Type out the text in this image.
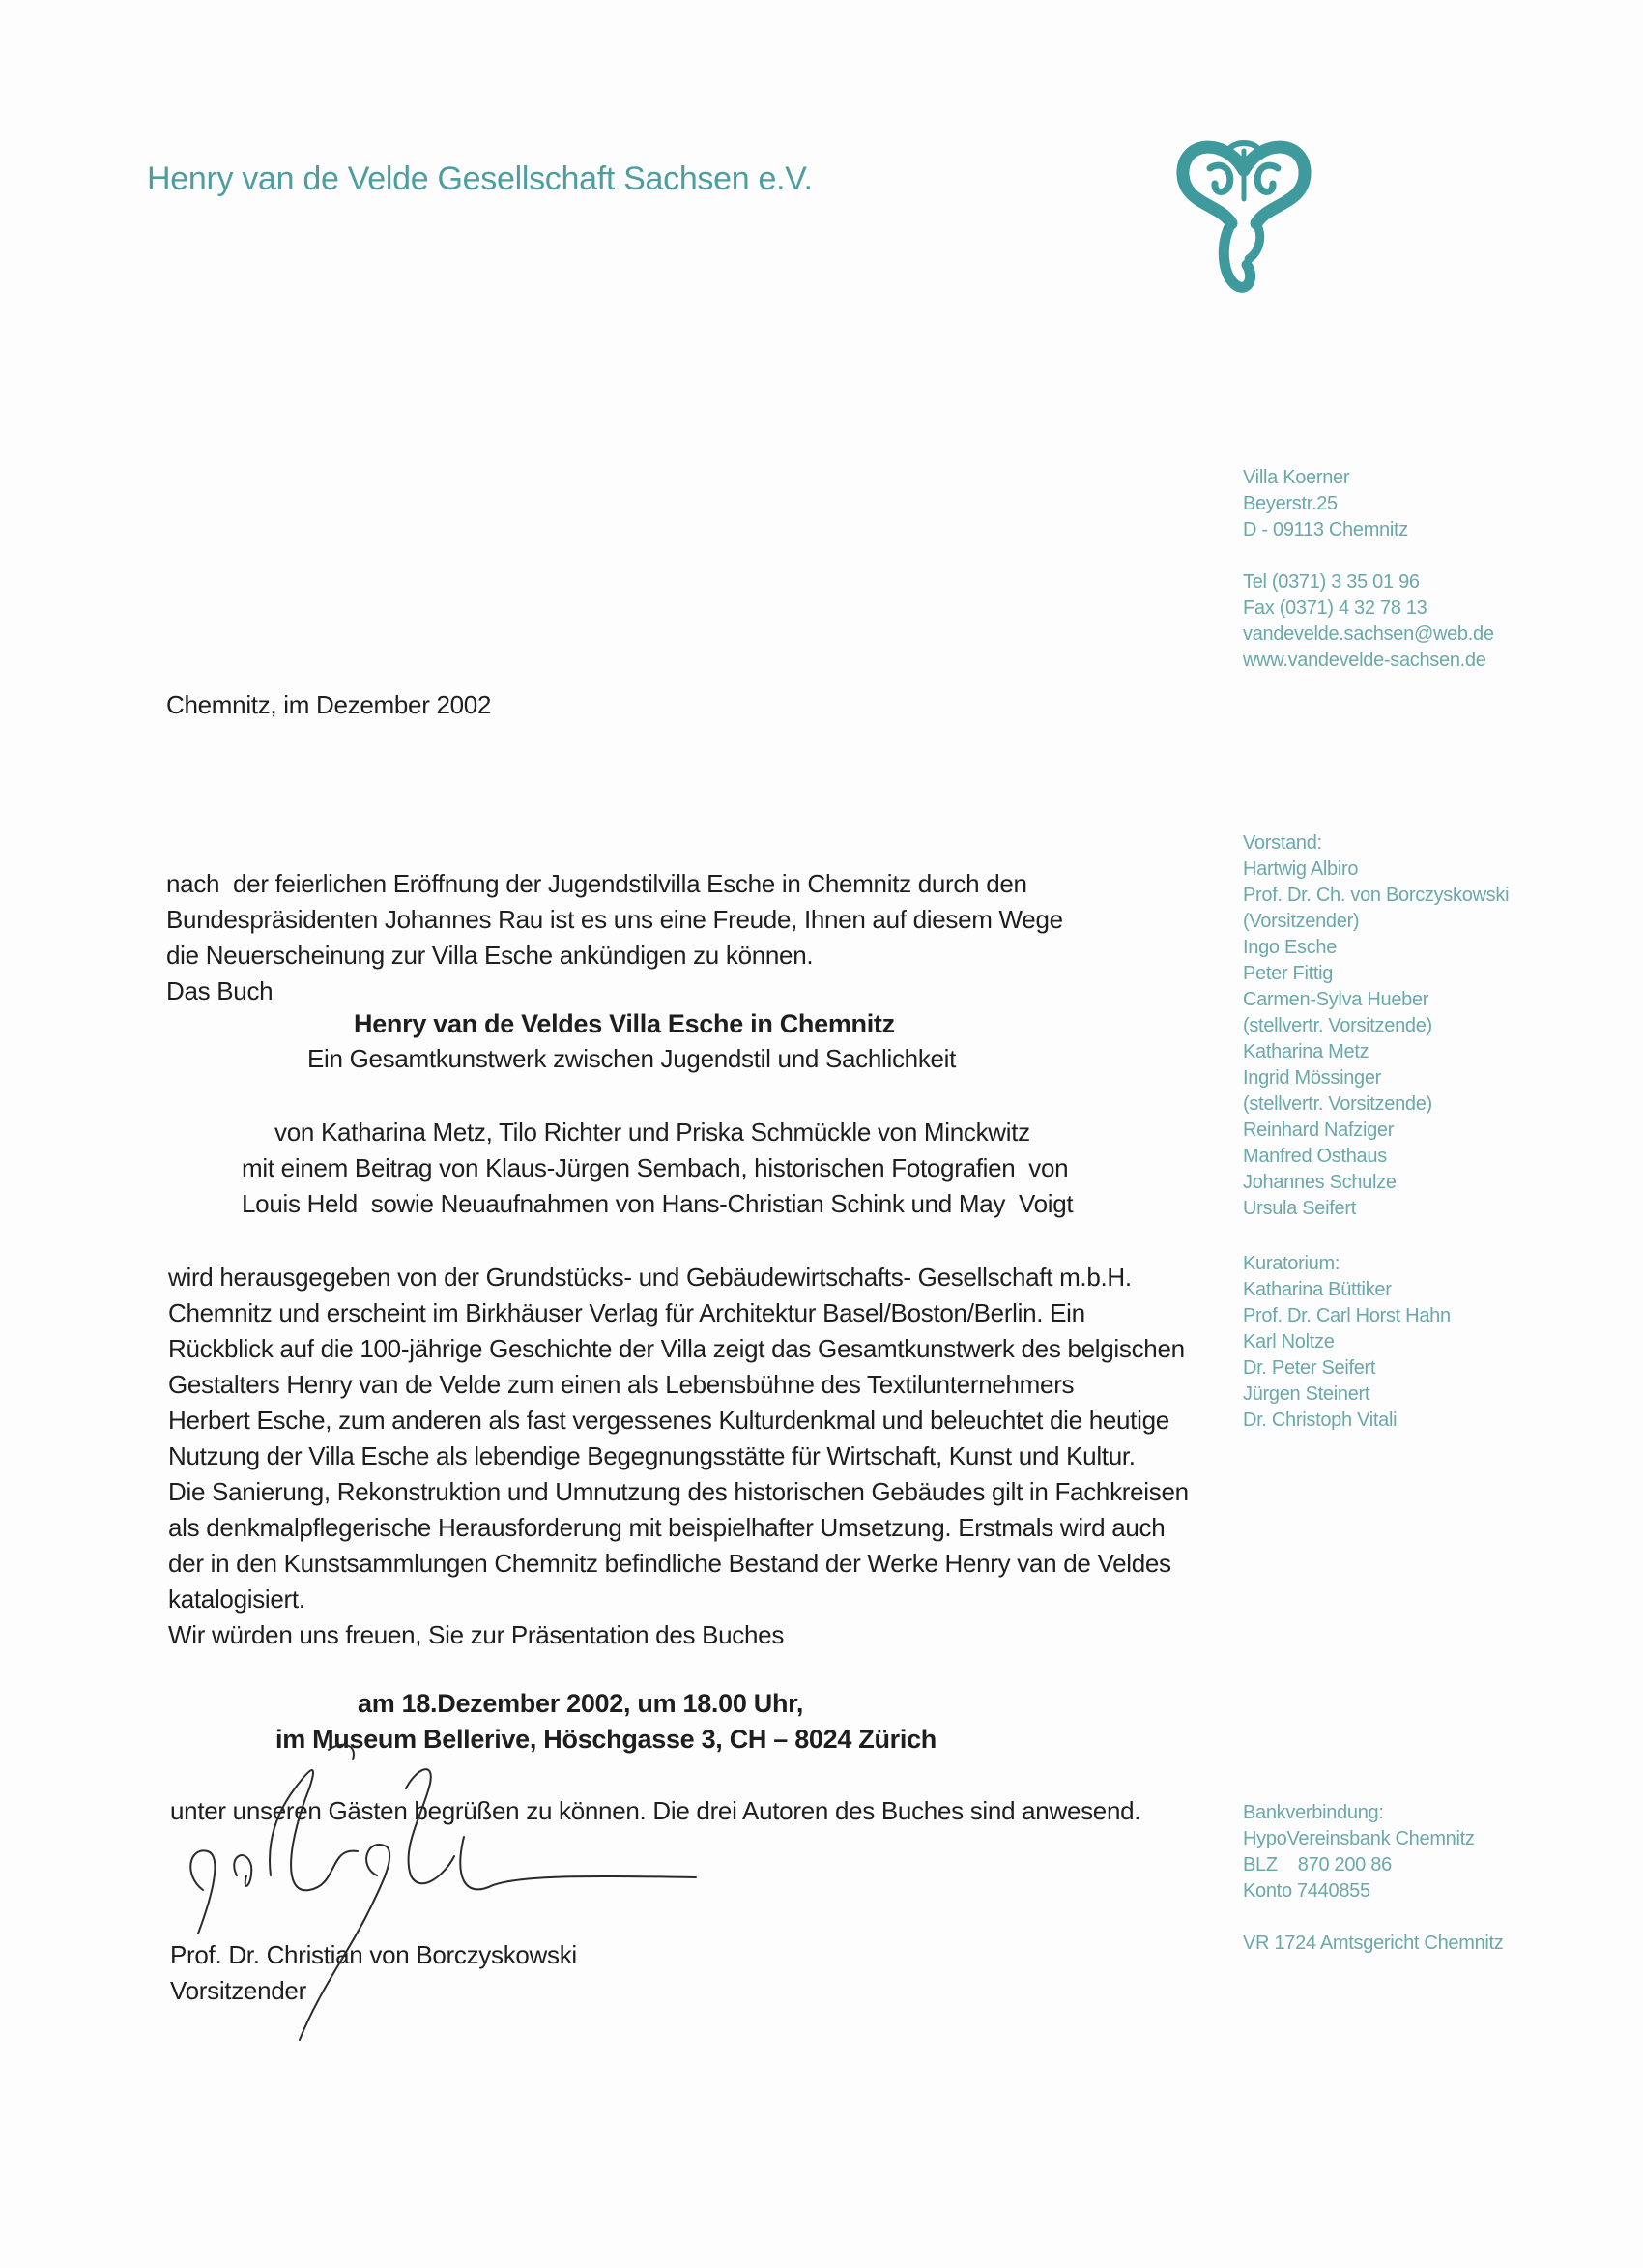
Henry van de Velde Gesellschaft Sachsen e.V.
Villa Koerner
Beyerstr.25
D - 09113 Chemnitz
Tel (0371) 3 35 01 96
Fax (0371) 4 32 78 13
vandevelde.sachsen@web.de
www.vandevelde-sachsen.de
Vorstand:
Hartwig Albiro
Prof. Dr. Ch. von Borczyskowski
(Vorsitzender)
Ingo Esche
Peter Fittig
Carmen-Sylva Hueber
(stellvertr. Vorsitzende)
Katharina Metz
Ingrid Mössinger
(stellvertr. Vorsitzende)
Reinhard Nafziger
Manfred Osthaus
Johannes Schulze
Ursula Seifert
Kuratorium:
Katharina Büttiker
Prof. Dr. Carl Horst Hahn
Karl Noltze
Dr. Peter Seifert
Jürgen Steinert
Dr. Christoph Vitali
Bankverbindung:
HypoVereinsbank Chemnitz
BLZ    870 200 86
Konto 7440855
VR 1724 Amtsgericht Chemnitz
Chemnitz, im Dezember 2002
nach  der feierlichen Eröffnung der Jugendstilvilla Esche in Chemnitz durch den
Bundespräsidenten Johannes Rau ist es uns eine Freude, Ihnen auf diesem Wege
die Neuerscheinung zur Villa Esche ankündigen zu können.
Das Buch
Henry van de Veldes Villa Esche in Chemnitz
Ein Gesamtkunstwerk zwischen Jugendstil und Sachlichkeit
von Katharina Metz, Tilo Richter und Priska Schmückle von Minckwitz
mit einem Beitrag von Klaus-Jürgen Sembach, historischen Fotografien  von
Louis Held  sowie Neuaufnahmen von Hans-Christian Schink und May  Voigt
wird herausgegeben von der Grundstücks- und Gebäudewirtschafts- Gesellschaft m.b.H.
Chemnitz und erscheint im Birkhäuser Verlag für Architektur Basel/Boston/Berlin. Ein
Rückblick auf die 100-jährige Geschichte der Villa zeigt das Gesamtkunstwerk des belgischen
Gestalters Henry van de Velde zum einen als Lebensbühne des Textilunternehmers
Herbert Esche, zum anderen als fast vergessenes Kulturdenkmal und beleuchtet die heutige
Nutzung der Villa Esche als lebendige Begegnungsstätte für Wirtschaft, Kunst und Kultur.
Die Sanierung, Rekonstruktion und Umnutzung des historischen Gebäudes gilt in Fachkreisen
als denkmalpflegerische Herausforderung mit beispielhafter Umsetzung. Erstmals wird auch
der in den Kunstsammlungen Chemnitz befindliche Bestand der Werke Henry van de Veldes
katalogisiert.
Wir würden uns freuen, Sie zur Präsentation des Buches
am 18.Dezember 2002, um 18.00 Uhr,
im Museum Bellerive, Höschgasse 3, CH – 8024 Zürich
unter unseren Gästen begrüßen zu können. Die drei Autoren des Buches sind anwesend.
Prof. Dr. Christian von Borczyskowski
Vorsitzender
